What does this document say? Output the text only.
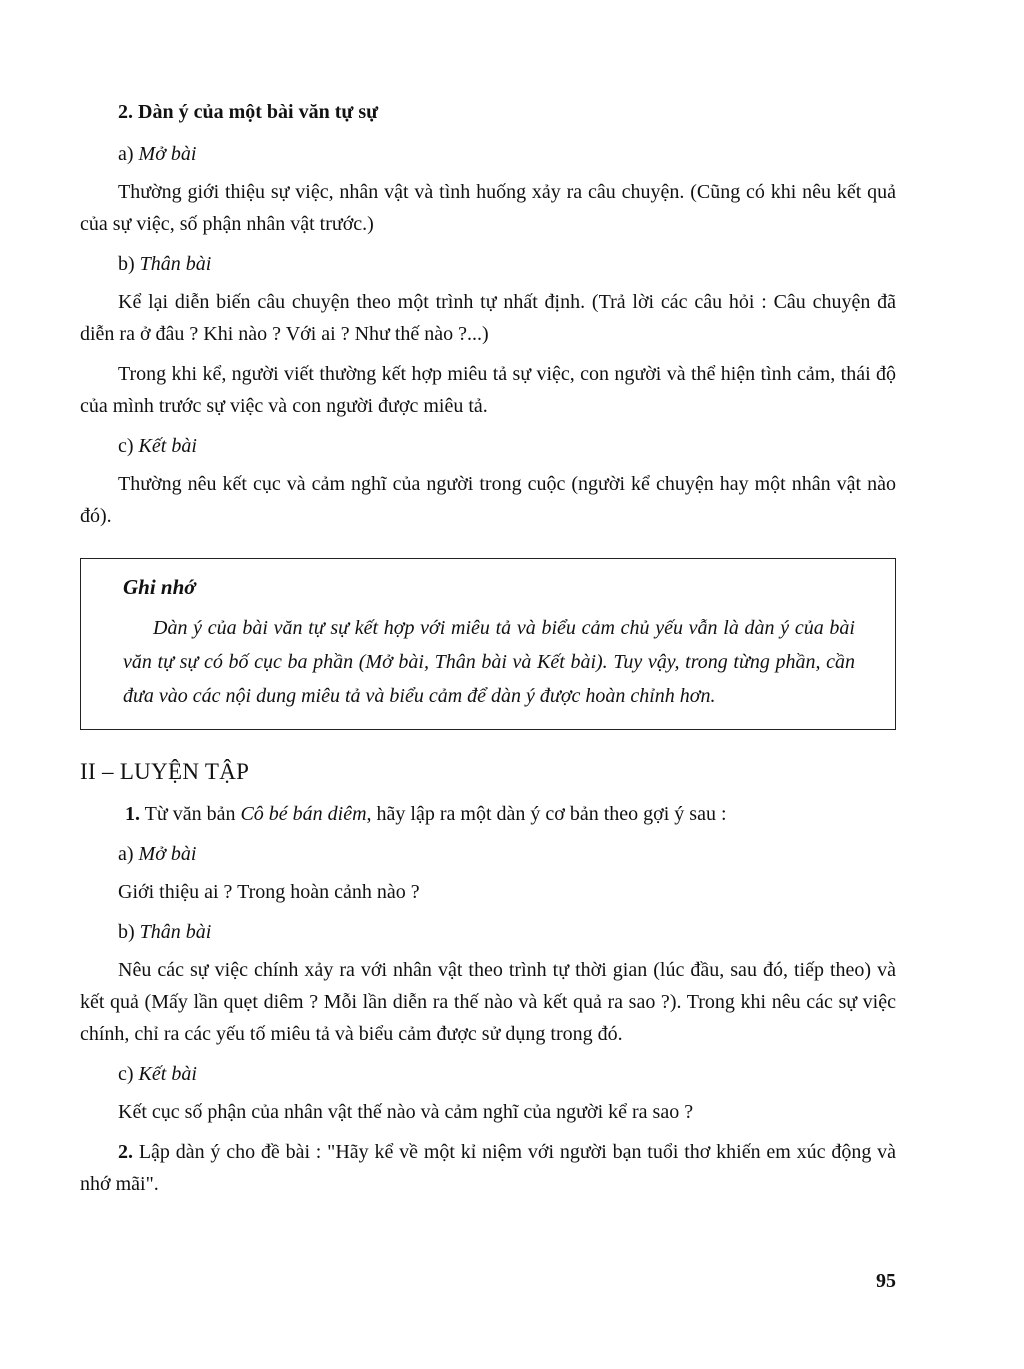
2. Dàn ý của một bài văn tự sự

a) Mở bài

Thường giới thiệu sự việc, nhân vật và tình huống xảy ra câu chuyện. (Cũng có khi nêu kết quả của sự việc, số phận nhân vật trước.)

b) Thân bài

Kể lại diễn biến câu chuyện theo một trình tự nhất định. (Trả lời các câu hỏi : Câu chuyện đã diễn ra ở đâu ? Khi nào ? Với ai ? Như thế nào ?...)

Trong khi kể, người viết thường kết hợp miêu tả sự việc, con người và thể hiện tình cảm, thái độ của mình trước sự việc và con người được miêu tả.

c) Kết bài

Thường nêu kết cục và cảm nghĩ của người trong cuộc (người kể chuyện hay một nhân vật nào đó).

Ghi nhớ

Dàn ý của bài văn tự sự kết hợp với miêu tả và biểu cảm chủ yếu vẫn là dàn ý của bài văn tự sự có bố cục ba phần (Mở bài, Thân bài và Kết bài). Tuy vậy, trong từng phần, cần đưa vào các nội dung miêu tả và biểu cảm để dàn ý được hoàn chỉnh hơn.

II – LUYỆN TẬP

1. Từ văn bản Cô bé bán diêm, hãy lập ra một dàn ý cơ bản theo gợi ý sau :

a) Mở bài

Giới thiệu ai ? Trong hoàn cảnh nào ?

b) Thân bài

Nêu các sự việc chính xảy ra với nhân vật theo trình tự thời gian (lúc đầu, sau đó, tiếp theo) và kết quả (Mấy lần quẹt diêm ? Mỗi lần diễn ra thế nào và kết quả ra sao ?). Trong khi nêu các sự việc chính, chỉ ra các yếu tố miêu tả và biểu cảm được sử dụng trong đó.

c) Kết bài

Kết cục số phận của nhân vật thế nào và cảm nghĩ của người kể ra sao ?

2. Lập dàn ý cho đề bài : "Hãy kể về một kỉ niệm với người bạn tuổi thơ khiến em xúc động và nhớ mãi".

95
